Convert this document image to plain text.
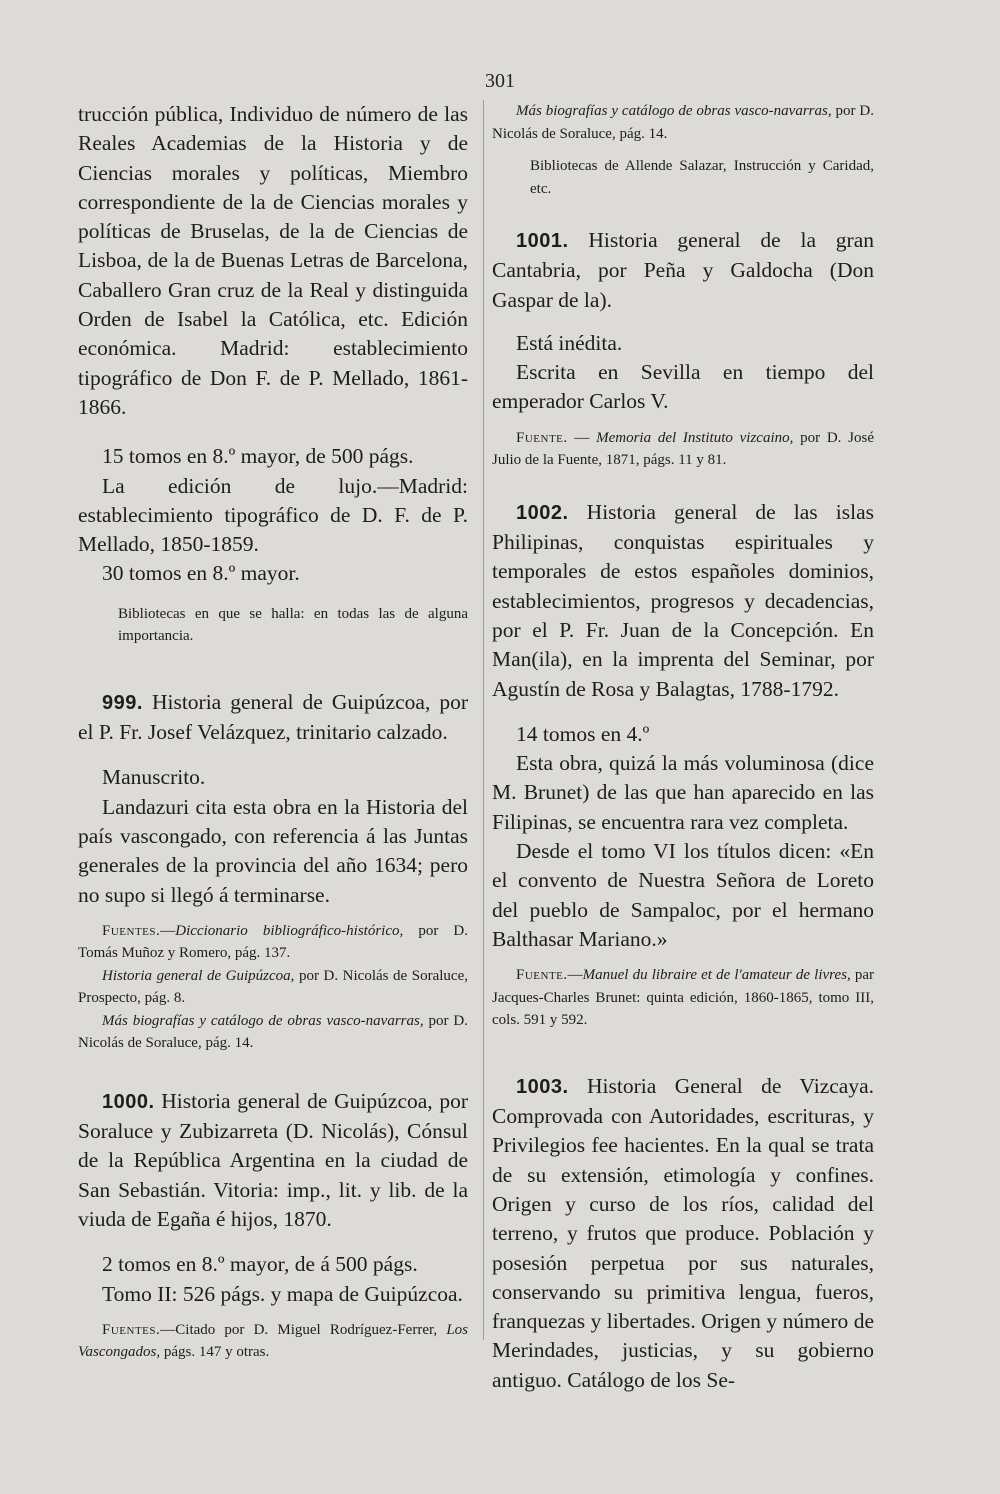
301

trucción pública, Individuo de número de las Reales Academias de la Historia y de Ciencias morales y políticas, Miembro correspondiente de la de Ciencias morales y políticas de Bruselas, de la de Ciencias de Lisboa, de la de Buenas Letras de Barcelona, Caballero Gran cruz de la Real y distinguida Orden de Isabel la Católica, etc. Edición económica. Madrid: establecimiento tipográfico de Don F. de P. Mellado, 1861-1866.

15 tomos en 8.º mayor, de 500 págs.

La edición de lujo.—Madrid: establecimiento tipográfico de D. F. de P. Mellado, 1850-1859.

30 tomos en 8.º mayor.

Bibliotecas en que se halla: en todas las de alguna importancia.

999. Historia general de Guipúzcoa, por el P. Fr. Josef Velázquez, trinitario calzado.

Manuscrito.

Landazuri cita esta obra en la Historia del país vascongado, con referencia á las Juntas generales de la provincia del año 1634; pero no supo si llegó á terminarse.

Fuentes.—Diccionario bibliográfico-histórico, por D. Tomás Muñoz y Romero, pág. 137.

Historia general de Guipúzcoa, por D. Nicolás de Soraluce, Prospecto, pág. 8.

Más biografías y catálogo de obras vasco-navarras, por D. Nicolás de Soraluce, pág. 14.

1000. Historia general de Guipúzcoa, por Soraluce y Zubizarreta (D. Nicolás), Cónsul de la República Argentina en la ciudad de San Sebastián. Vitoria: imp., lit. y lib. de la viuda de Egaña é hijos, 1870.

2 tomos en 8.º mayor, de á 500 págs.

Tomo II: 526 págs. y mapa de Guipúzcoa.

Fuentes.—Citado por D. Miguel Rodríguez-Ferrer, Los Vascongados, págs. 147 y otras.

Más biografías y catálogo de obras vasco-navarras, por D. Nicolás de Soraluce, pág. 14.

Bibliotecas de Allende Salazar, Instrucción y Caridad, etc.

1001. Historia general de la gran Cantabria, por Peña y Galdocha (Don Gaspar de la).

Está inédita.

Escrita en Sevilla en tiempo del emperador Carlos V.

Fuente. — Memoria del Instituto vizcaino, por D. José Julio de la Fuente, 1871, págs. 11 y 81.

1002. Historia general de las islas Philipinas, conquistas espirituales y temporales de estos españoles dominios, establecimientos, progresos y decadencias, por el P. Fr. Juan de la Concepción. En Man(ila), en la imprenta del Seminar, por Agustín de Rosa y Balagtas, 1788-1792.

14 tomos en 4.º

Esta obra, quizá la más voluminosa (dice M. Brunet) de las que han aparecido en las Filipinas, se encuentra rara vez completa.

Desde el tomo VI los títulos dicen: «En el convento de Nuestra Señora de Loreto del pueblo de Sampaloc, por el hermano Balthasar Mariano.»

Fuente.—Manuel du libraire et de l'amateur de livres, par Jacques-Charles Brunet: quinta edición, 1860-1865, tomo III, cols. 591 y 592.

1003. Historia General de Vizcaya. Comprovada con Autoridades, escrituras, y Privilegios fee hacientes. En la qual se trata de su extensión, etimología y confines. Origen y curso de los ríos, calidad del terreno, y frutos que produce. Población y posesión perpetua por sus naturales, conservando su primitiva lengua, fueros, franquezas y libertades. Origen y número de Merindades, justicias, y su gobierno antiguo. Catálogo de los Se-
